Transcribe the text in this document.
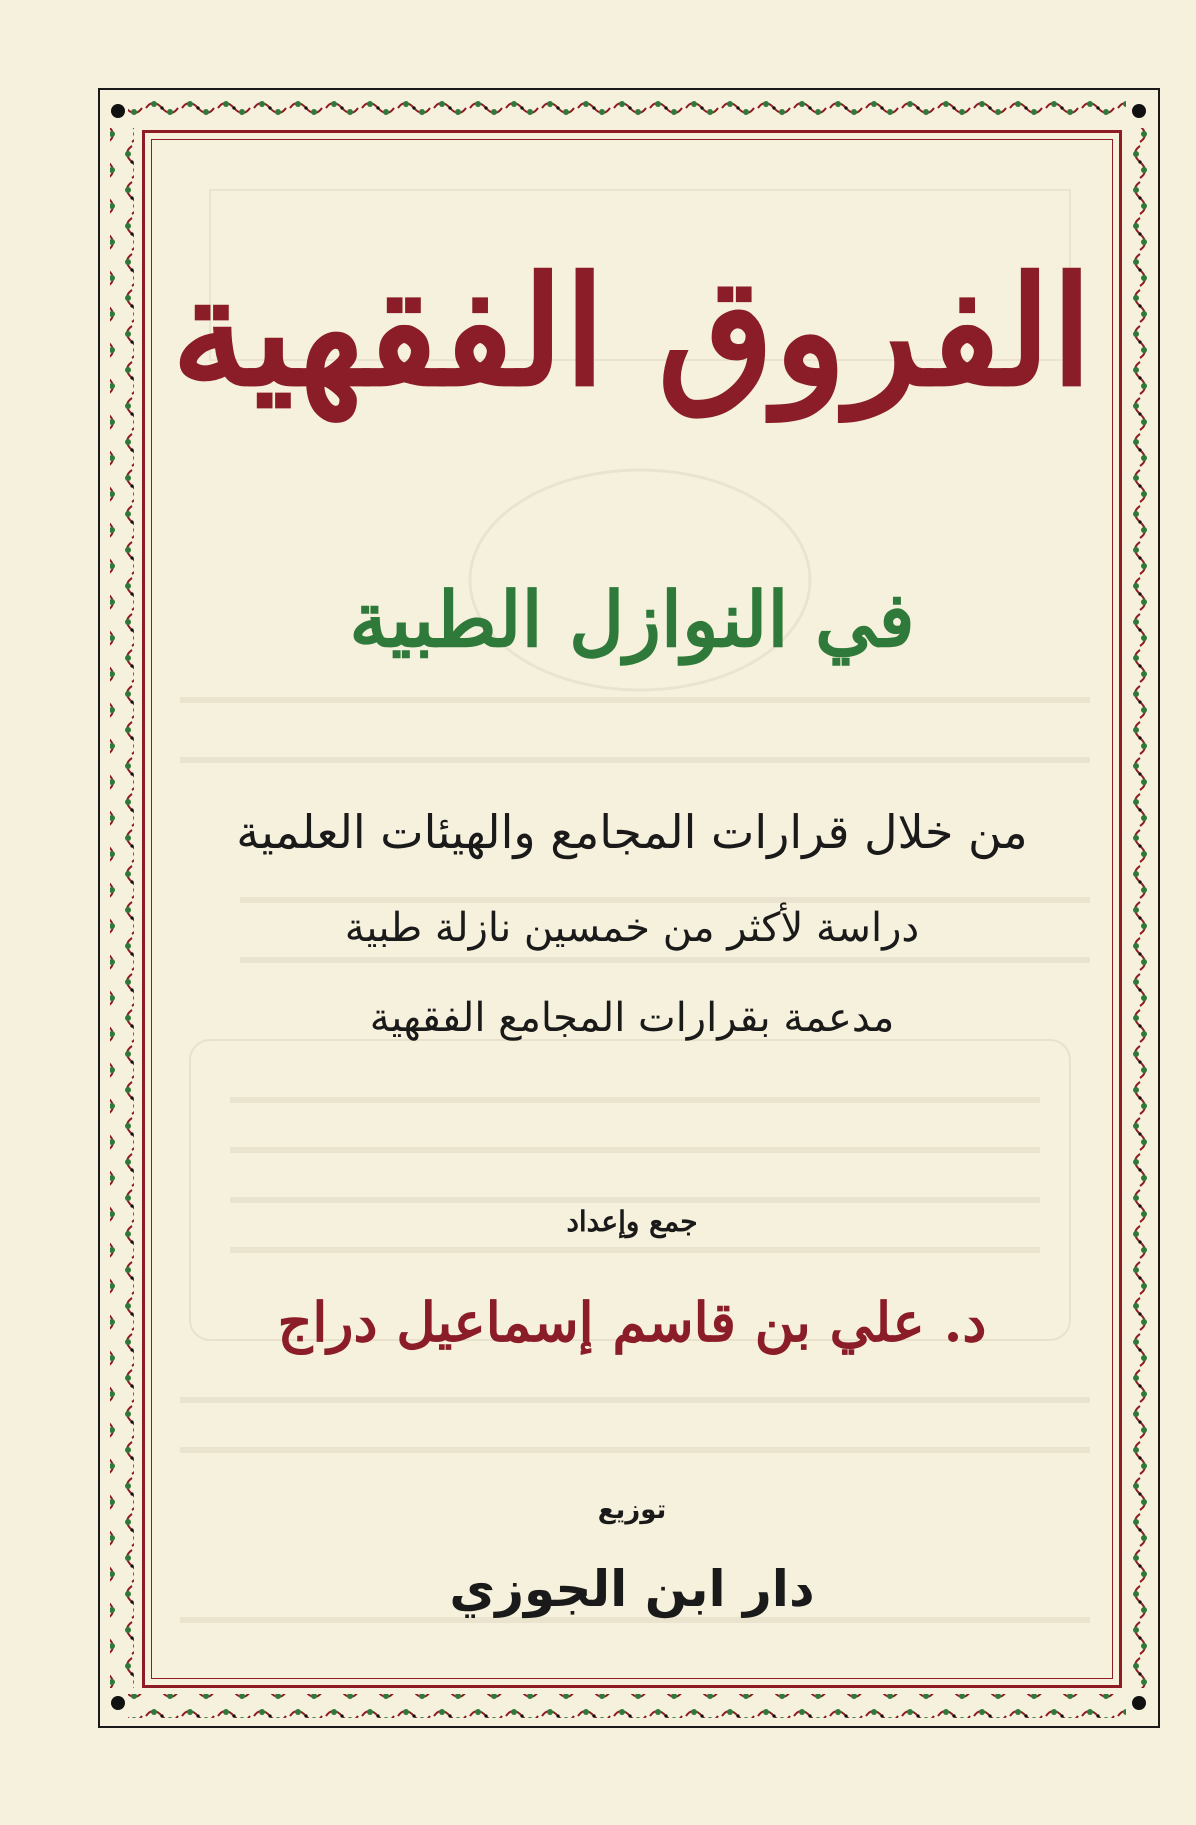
الفروق الفقهية
في النوازل الطبية
من خلال قرارات المجامع والهيئات العلمية
دراسة لأكثر من خمسين نازلة طبية
مدعمة بقرارات المجامع الفقهية
جمع وإعداد
د. علي بن قاسم إسماعيل دراج
توزيع
دار ابن الجوزي
